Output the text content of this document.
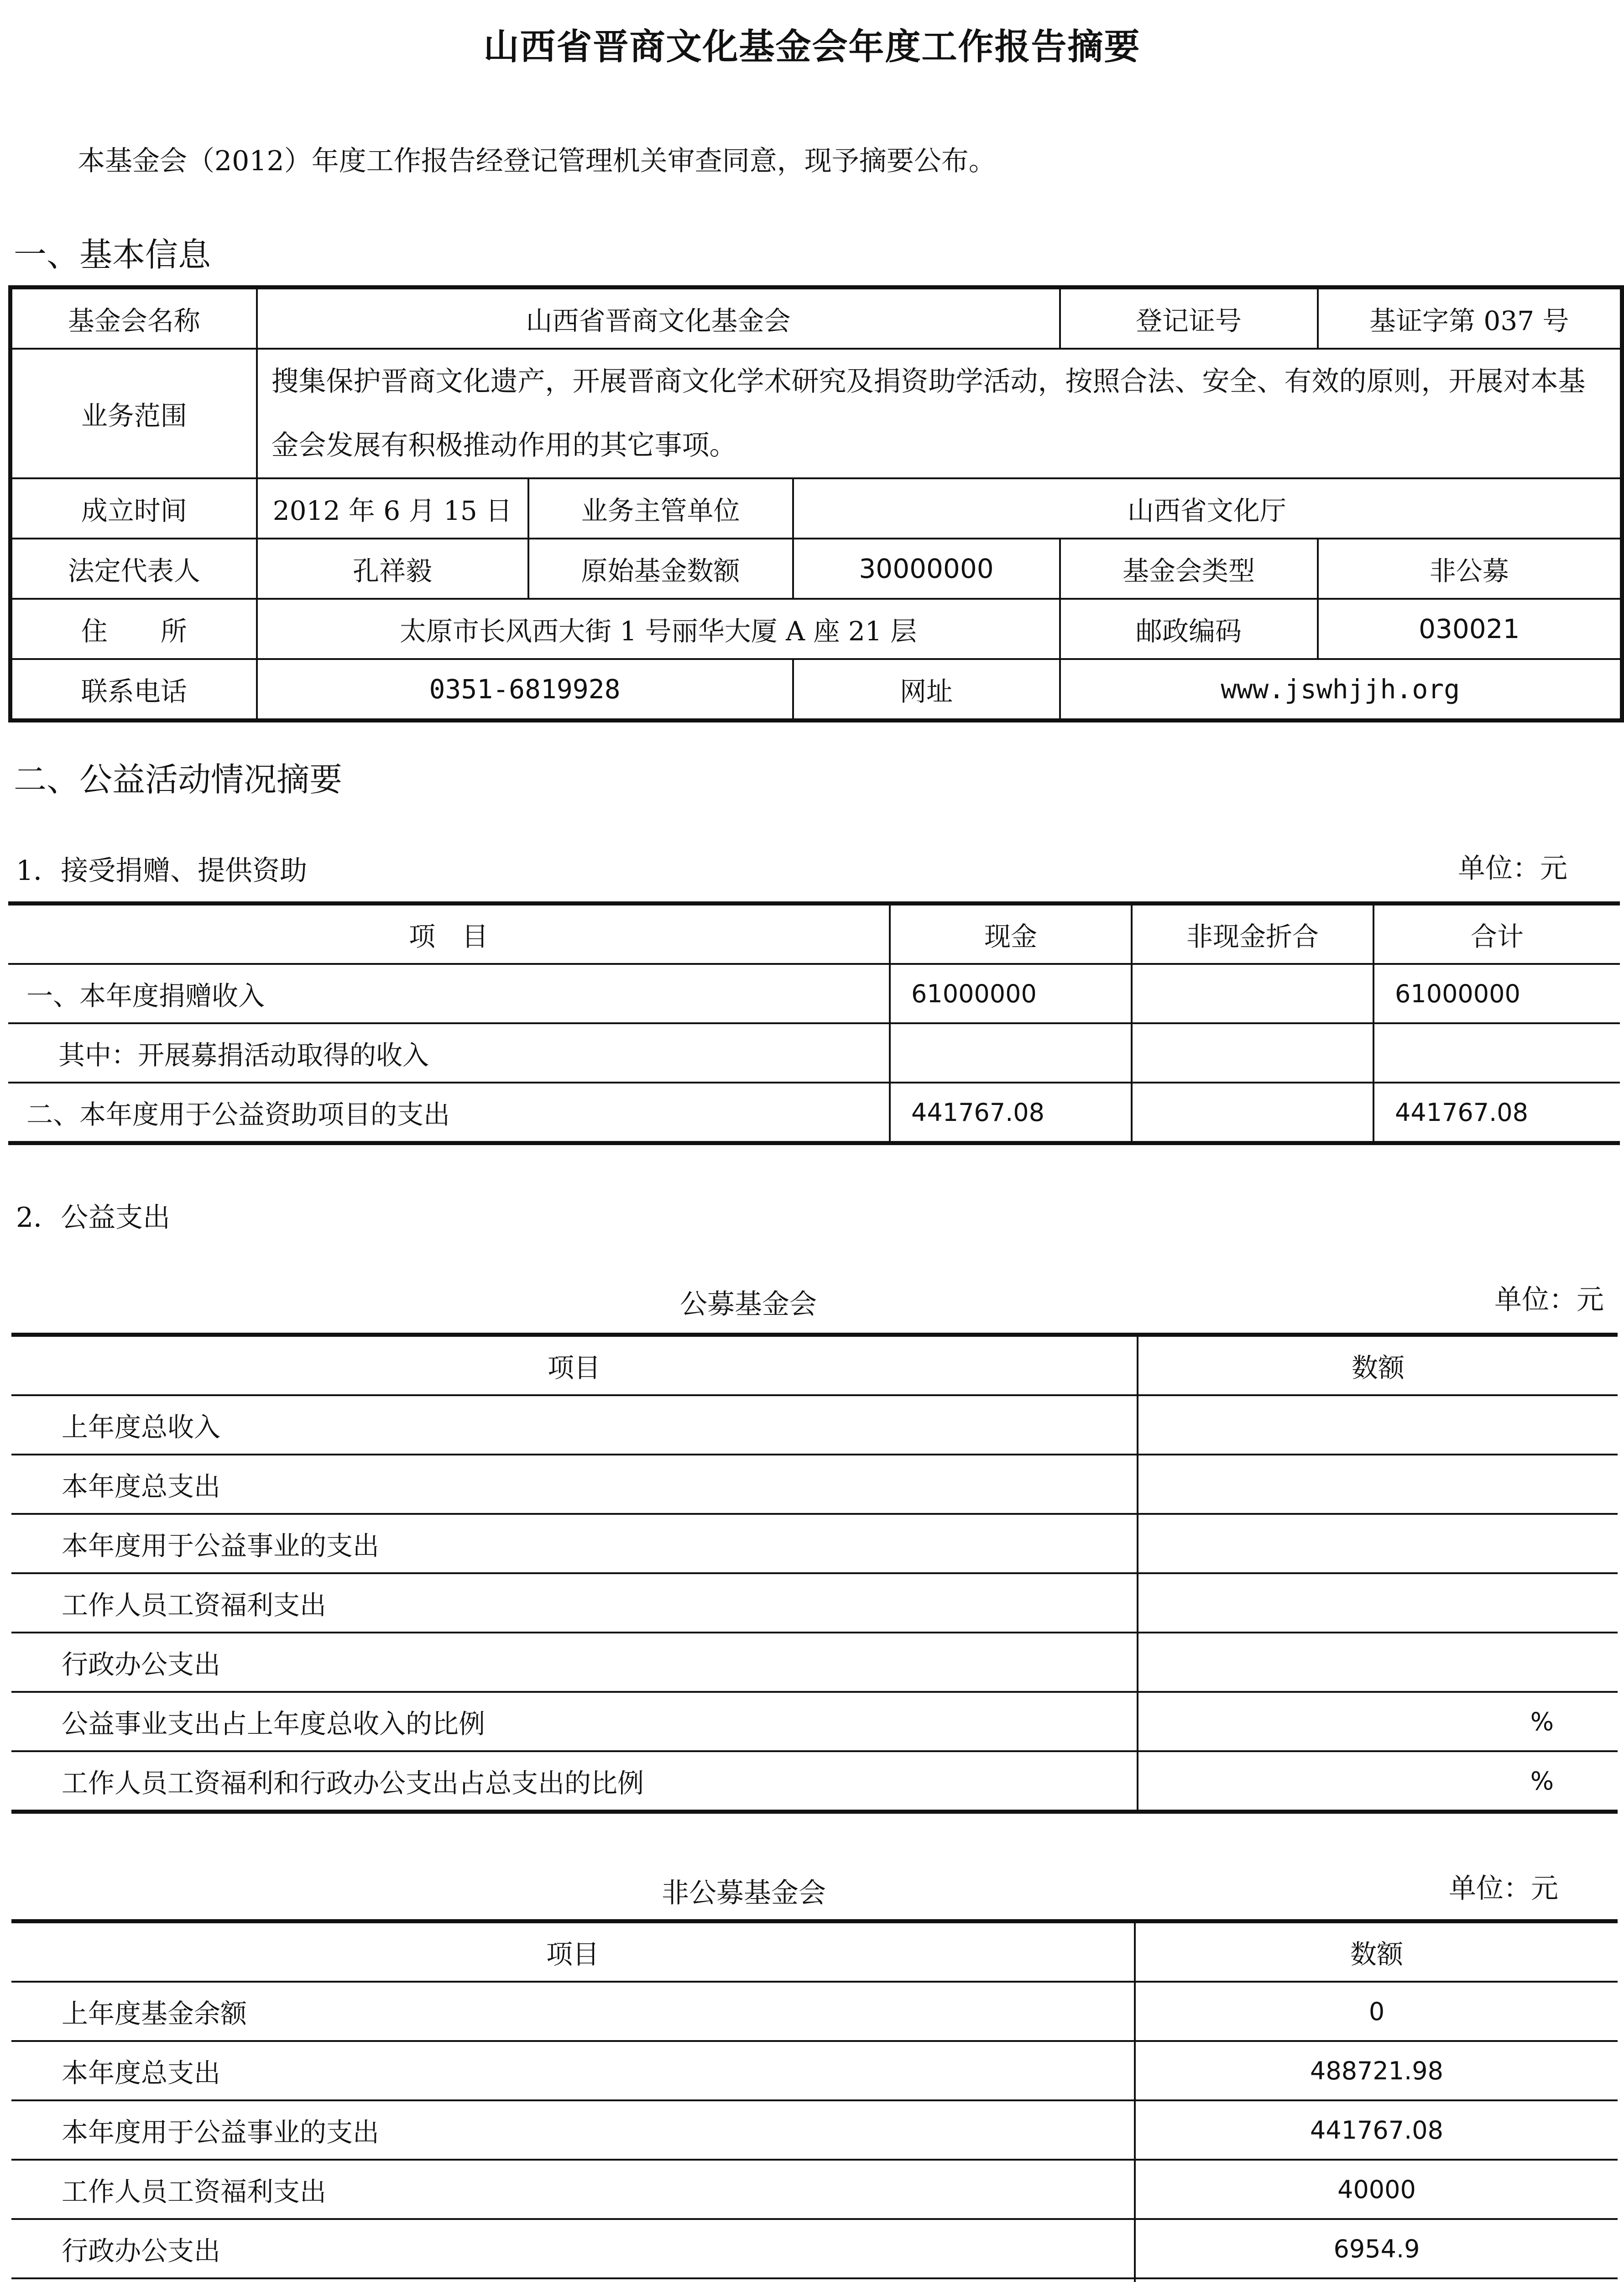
山西省晋商文化基金会年度工作报告摘要
本基金会（2012）年度工作报告经登记管理机关审查同意，现予摘要公布。
一、基本信息
基金会名称	山西省晋商文化基金会			登记证号	基证字第 037 号
业务范围	搜集保护晋商文化遗产，开展晋商文化学术研究及捐资助学活动，按照合法、安全、有效的原则，开展对本基金会发展有积极推动作用的其它事项。				
成立时间	2012 年 6 月 15 日	业务主管单位	山西省文化厅		
法定代表人	孔祥毅	原始基金数额	30000000	基金会类型	非公募
住　　所	太原市长风西大街 1 号丽华大厦 A 座 21 层			邮政编码	030021
联系电话	0351-6819928		网址	www.jswhjjh.org	
二、公益活动情况摘要
1．接受捐赠、提供资助	单位：元
项　目	现金	非现金折合	合计
一、本年度捐赠收入	61000000		61000000
其中：开展募捐活动取得的收入			
二、本年度用于公益资助项目的支出	441767.08		441767.08
2．公益支出
公募基金会	单位：元
项目	数额
上年度总收入	
本年度总支出	
本年度用于公益事业的支出	
工作人员工资福利支出	
行政办公支出	
公益事业支出占上年度总收入的比例	%
工作人员工资福利和行政办公支出占总支出的比例	%
非公募基金会	单位：元
项目	数额
上年度基金余额	0
本年度总支出	488721.98
本年度用于公益事业的支出	441767.08
工作人员工资福利支出	40000
行政办公支出	6954.9
